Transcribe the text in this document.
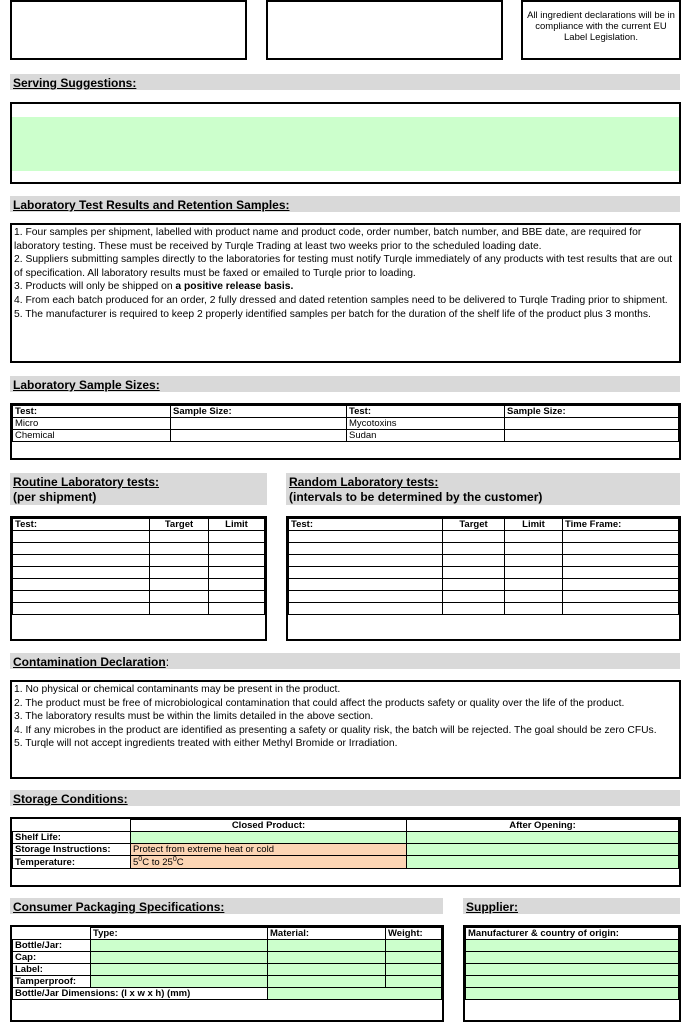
All ingredient declarations will be in compliance with the current EU Label Legislation.
Serving Suggestions:
Laboratory Test Results and Retention Samples:
1. Four samples per shipment, labelled with product name and product code, order number, batch number, and BBE date, are required for laboratory testing. These must be received by Turqle Trading at least two weeks prior to the scheduled loading date.
2. Suppliers submitting samples directly to the laboratories for testing must notify Turqle immediately of any products with test results that are out of specification. All laboratory results must be faxed or emailed to Turqle prior to loading.
3. Products will only be shipped on a positive release basis.
4. From each batch produced for an order, 2 fully dressed and dated retention samples need to be delivered to Turqle Trading prior to shipment.
5. The manufacturer is required to keep 2 properly identified samples per batch for the duration of the shelf life of the product plus 3 months.
Laboratory Sample Sizes:
Test:	Sample Size:	Test:	Sample Size:
Micro		Mycotoxins	
Chemical		Sudan	
Routine Laboratory tests:
(per shipment)
Random Laboratory tests:
(intervals to be determined by the customer)
Test:	Target	Limit

			Test:	Target	Limit	Time Frame:

Contamination Declaration:
1. No physical or chemical contaminants may be present in the product.
2. The product must be free of microbiological contamination that could affect the products safety or quality over the life of the product.
3. The laboratory results must be within the limits detailed in the above section.
4. If any microbes in the product are identified as presenting a safety or quality risk, the batch will be rejected. The goal should be zero CFUs.
5. Turqle will not accept ingredients treated with either Methyl Bromide or Irradiation.
Storage Conditions:
	Closed Product:	After Opening:
Shelf Life:		
Storage Instructions:	Protect from extreme heat or cold	
Temperature:	$5^0C$ to $25^0C$	
Consumer Packaging Specifications:	Supplier:
	Type:	Material:	Weight:
Bottle/Jar:			
Cap:			
Label:			
Tamperproof:			
Bottle/Jar Dimensions: (l x w x h) (mm)			
Manufacturer & country of origin:
